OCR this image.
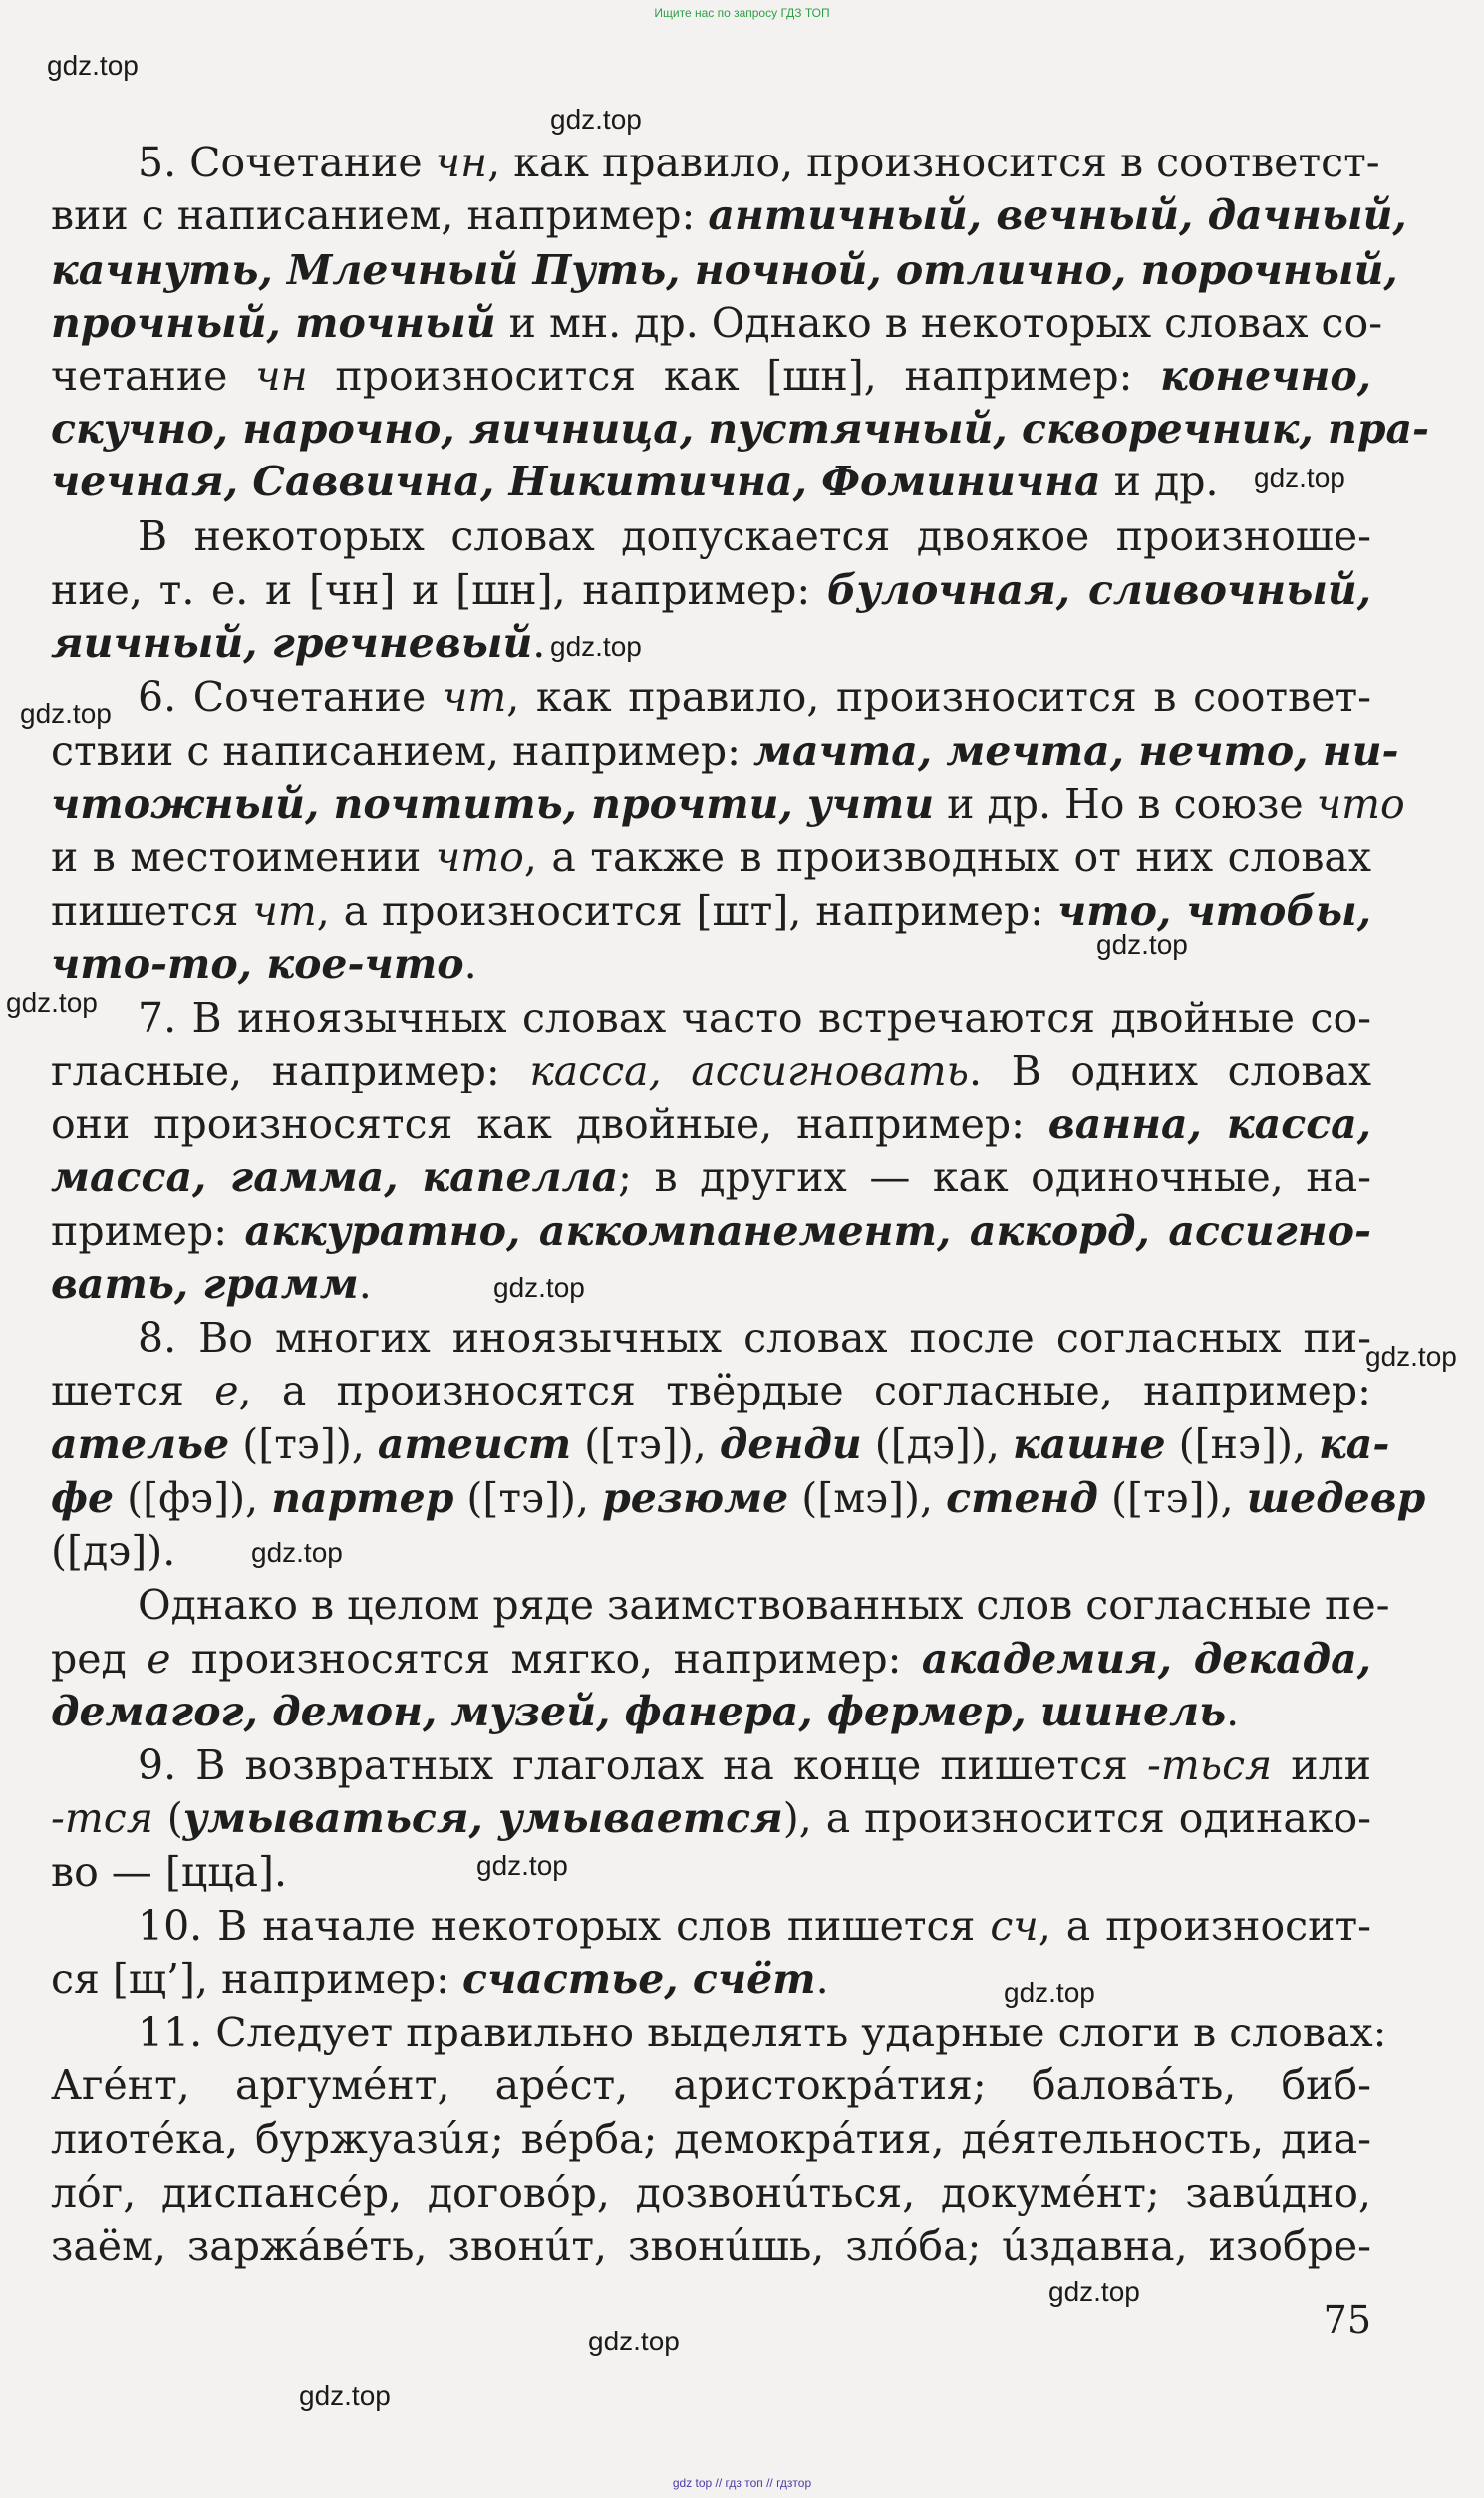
Ищите нас по запросу ГДЗ ТОП
5. Сочетание чн, как правило, произносится в соответст-
вии с написанием, например: античный, вечный, дачный,
качнуть, Млечный Путь, ночной, отлично, порочный,
прочный, точный и мн. др. Однако в некоторых словах со-
четание чн произносится как [шн], например: конечно,
скучно, нарочно, яичница, пустячный, скворечник, пра-
чечная, Саввична, Никитична, Фоминична и др.
В некоторых словах допускается двоякое произноше-
ние, т. е. и [чн] и [шн], например: булочная, сливочный,
яичный, гречневый.
6. Сочетание чт, как правило, произносится в соответ-
ствии с написанием, например: мачта, мечта, нечто, ни-
чтожный, почтить, прочти, учти и др. Но в союзе что
и в местоимении что, а также в производных от них словах
пишется чт, а произносится [шт], например: что, чтобы,
что-то, кое-что.
7. В иноязычных словах часто встречаются двойные со-
гласные, например: касса, ассигновать. В одних словах
они произносятся как двойные, например: ванна, касса,
масса, гамма, капелла; в других — как одиночные, на-
пример: аккуратно, аккомпанемент, аккорд, ассигно-
вать, грамм.
8. Во многих иноязычных словах после согласных пи-
шется е, а произносятся твёрдые согласные, например:
ателье ([тэ]), атеист ([тэ]), денди ([дэ]), кашне ([нэ]), ка-
фе ([фэ]), партер ([тэ]), резюме ([мэ]), стенд ([тэ]), шедевр
([дэ]).
Однако в целом ряде заимствованных слов согласные пе-
ред е произносятся мягко, например: академия, декада,
демагог, демон, музей, фанера, фермер, шинель.
9. В возвратных глаголах на конце пишется -ться или
-тся (умываться, умывается), а произносится одинако-
во — [цца].
10. В начале некоторых слов пишется сч, а произносит-
ся [щ’], например: счастье, счёт.
11. Следует правильно выделять ударные слоги в словах:
Агéнт, аргумéнт, арéст, аристокрáтия; баловáть, биб-
лиотéка, буржуазúя; вéрба; демокрáтия, дéятельность, диа-
лóг, диспансéр, договóр, дозвонúться, докумéнт; завúдно,
заём, заржáвéть, звонúт, звонúшь, злóба; úздавна, изобре-
75
gdz top // гдз топ // гдзтор
gdz.top
gdz.top
gdz.top
gdz.top
gdz.top
gdz.top
gdz.top
gdz.top
gdz.top
gdz.top
gdz.top
gdz.top
gdz.top
gdz.top
gdz.top
